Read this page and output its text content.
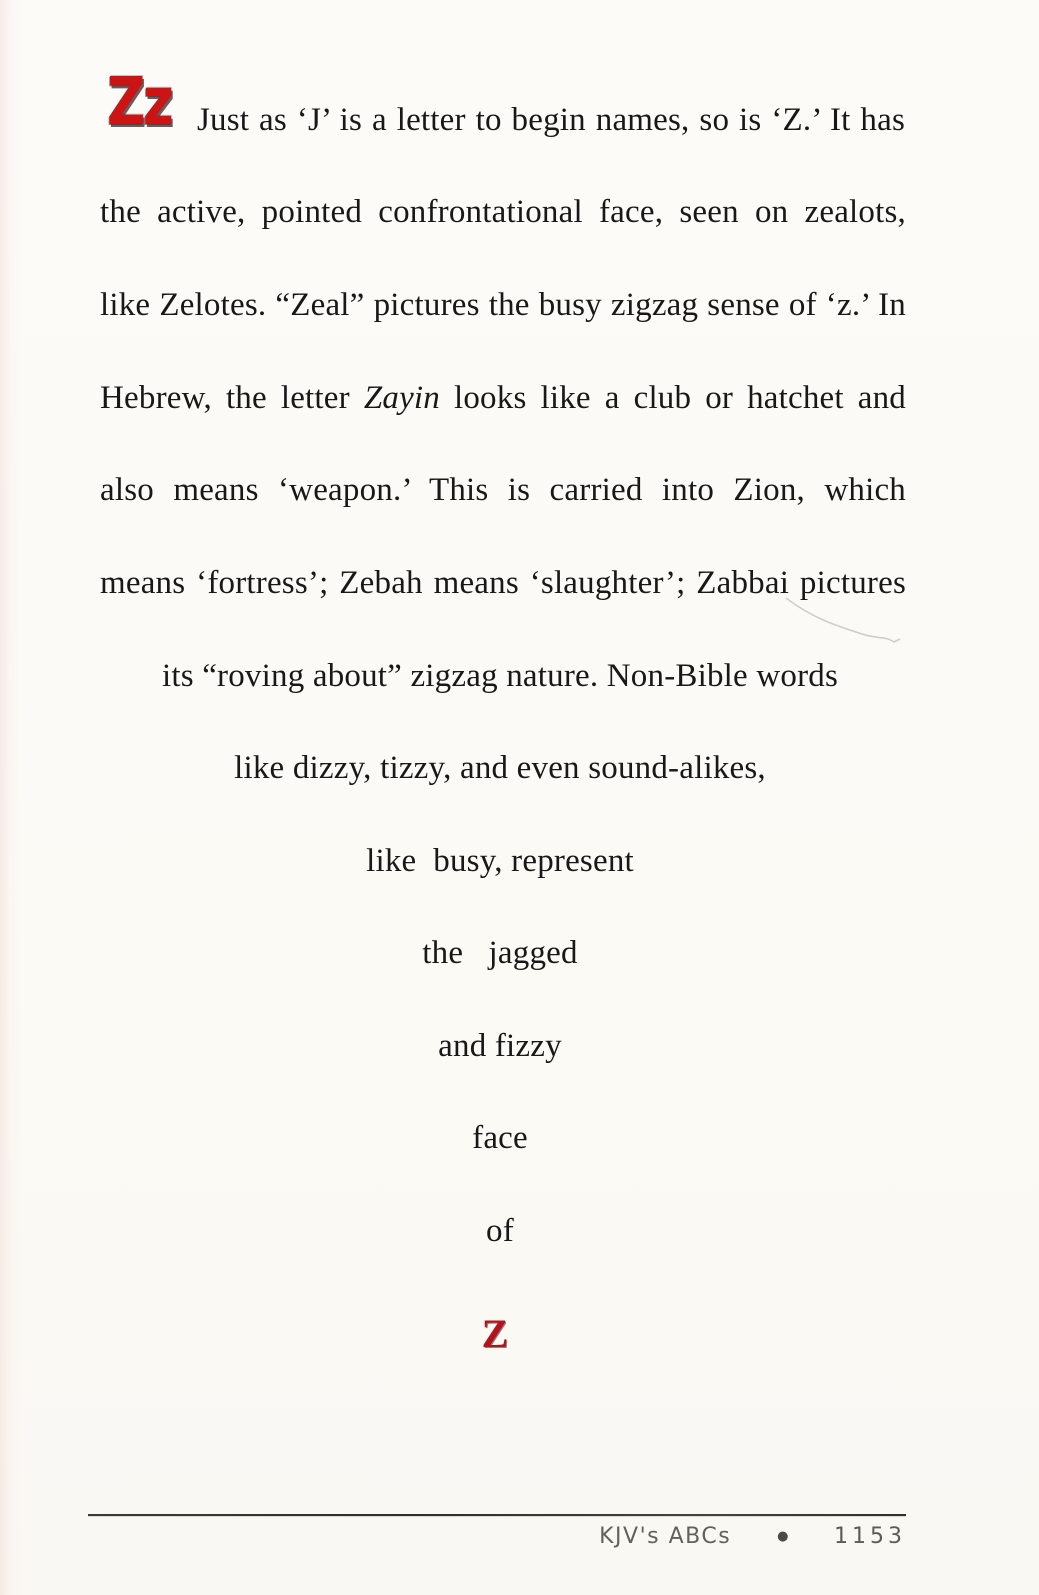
Zz Just as ‘J’ is a letter to begin names, so is ‘Z.’ It has
the active, pointed confrontational face, seen on zealots,
like Zelotes. “Zeal” pictures the busy zigzag sense of ‘z.’ In
Hebrew, the letter Zayin looks like a club or hatchet and
also means ‘weapon.’ This is carried into Zion, which
means ‘fortress’; Zebah means ‘slaughter’; Zabbai pictures
its “roving about” zigzag nature. Non-Bible words
like dizzy, tizzy, and even sound-alikes,
like  busy, represent
the   jagged
and fizzy
face
of
Z
KJV's ABCs	● 1153
